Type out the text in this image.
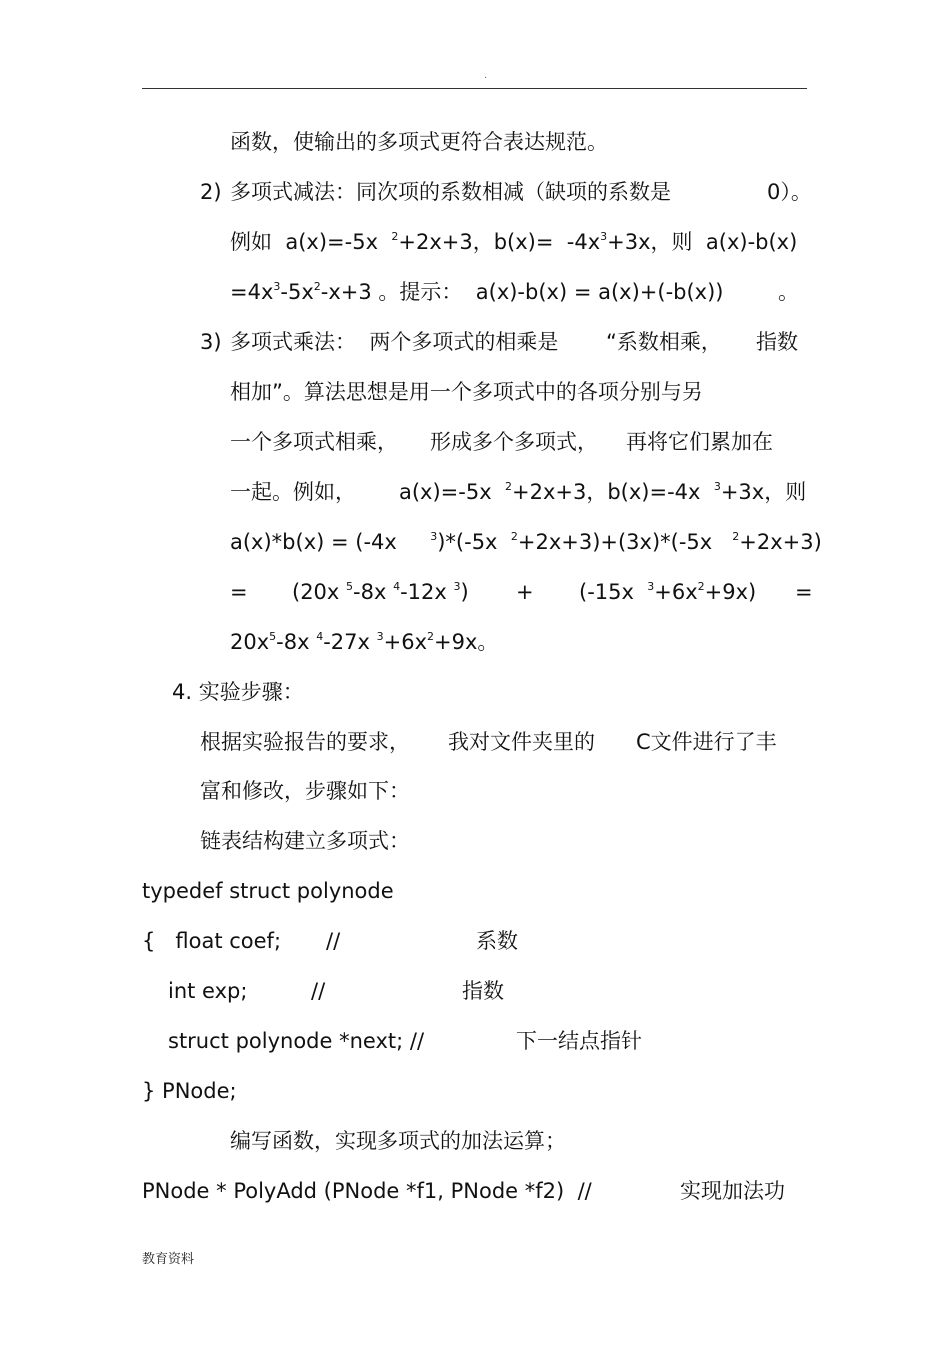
.
函数，使输出的多项式更符合表达规范。
2) 多项式减法：同次项的系数相减（缺项的系数是	0）。
例如  a(x)=-5x $^2$+2x+3，$b(x)= -4x^3+3x$，则  a(x)-b(x)
$=4x^3-5x^2-x+3$ 。提示：  a(x)-b(x) = a(x)+(-b(x))	。
3) 多项式乘法：  两个多项式的相乘是 “系数相乘， 指数
相加”。算法思想是用一个多项式中的各项分别与另
一个多项式相乘， 形成多个多项式， 再将它们累加在
一起。例如， a(x)=-5x $^2$+2x+3，b(x)=-4x $^3$+3x，则
a(x)*b(x) = (-4x	$^3$)*(-5x $^2$+2x+3)+(3x)*(-5x $^2$+2x+3)
= (20x $^5$-8x $^4$-12x $^3$) + (-15x $^3+6x^2+9x$) =
$20x^5-8x$ $^4$-27x $^3+6x^2+9x$。
4. 实验步骤：
根据实验报告的要求， 我对文件夹里的 C文件进行了丰
富和修改，步骤如下：
链表结构建立多项式：
typedef struct polynode
{   float coef; //	系数
int exp;	//	指数
struct polynode *next; //	下一结点指针
} PNode;
编写函数，实现多项式的加法运算；
PNode * PolyAdd (PNode *f1, PNode *f2)  //	实现加法功
教育资料
